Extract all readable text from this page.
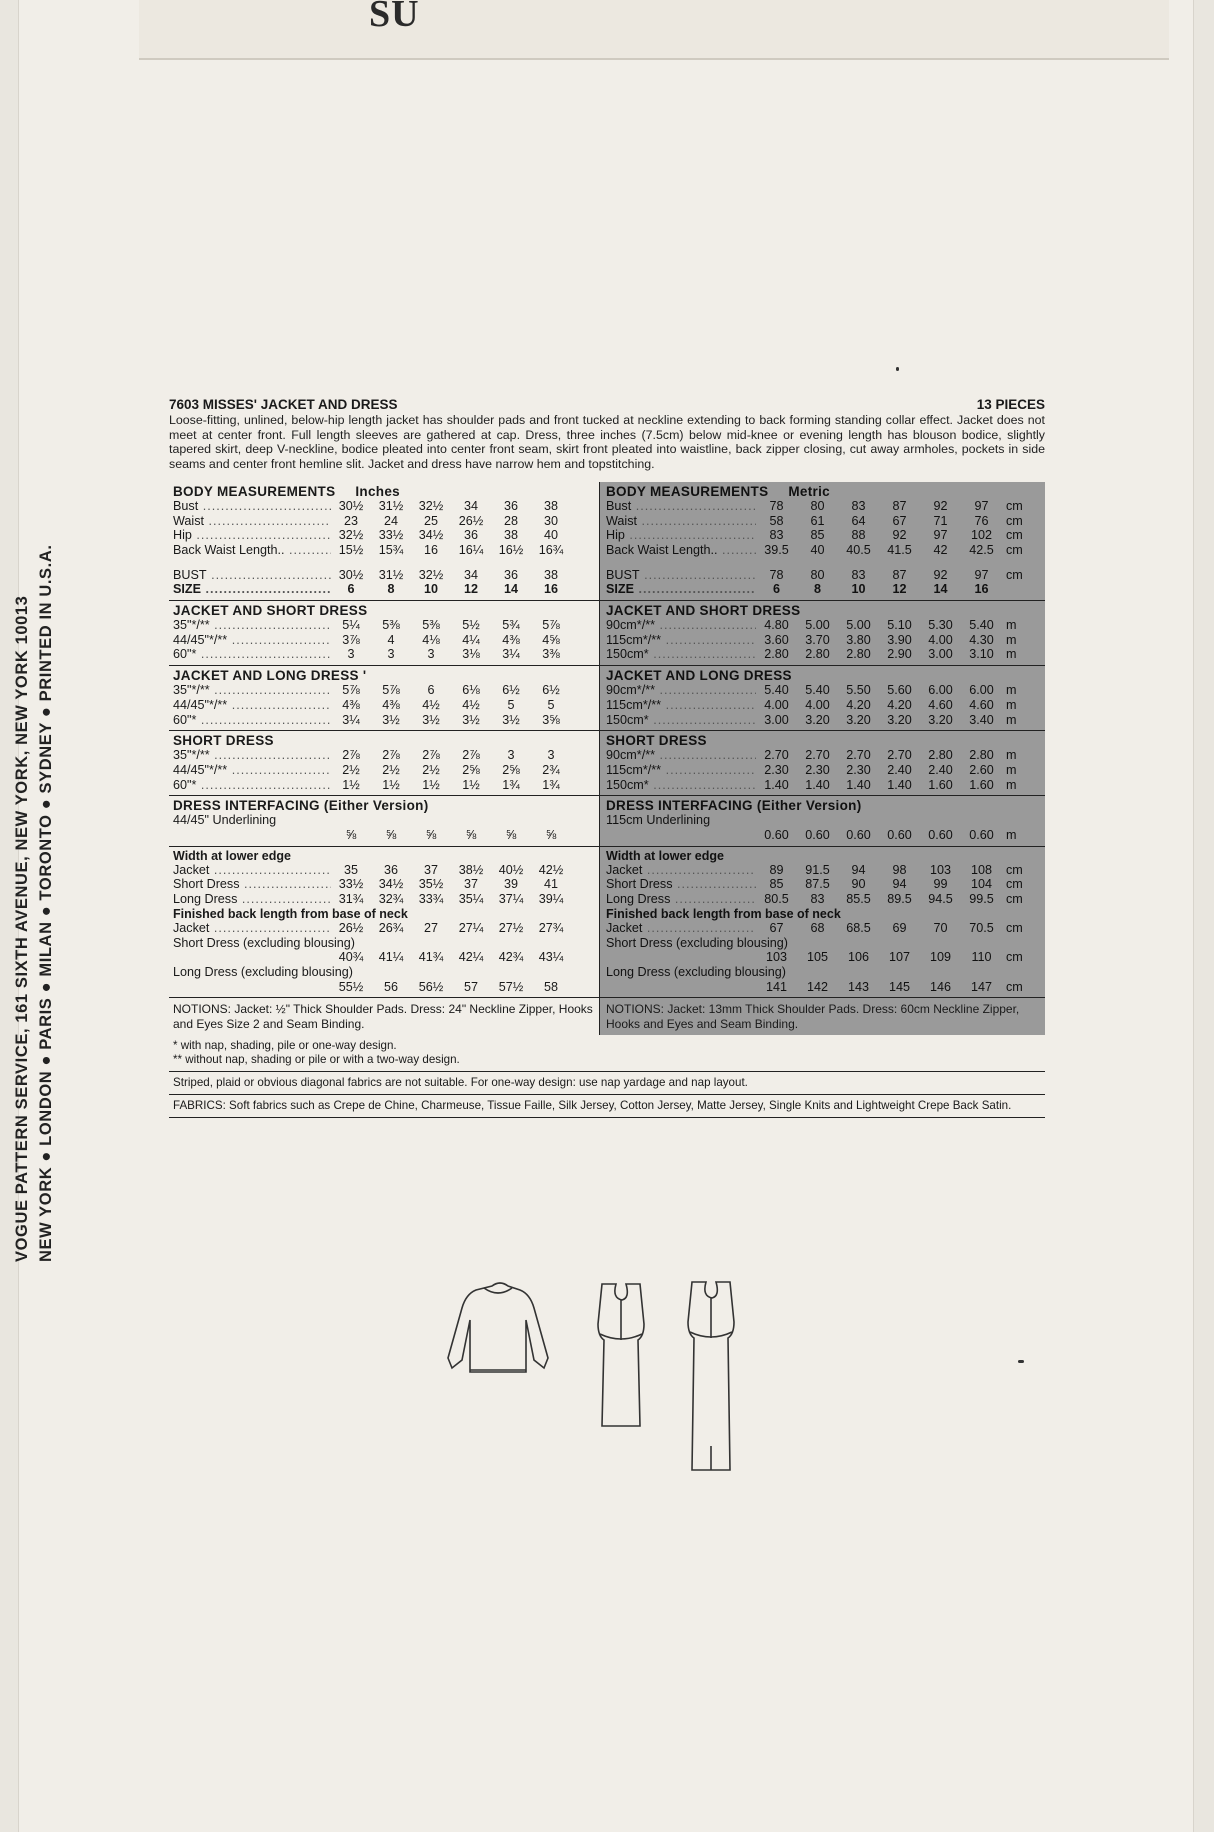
SU
VOGUE PATTERN SERVICE, 161 SIXTH AVENUE, NEW YORK, NEW YORK 10013 NEW YORK ● LONDON ● PARIS ● MILAN ● TORONTO ● SYDNEY ● PRINTED IN U.S.A.
7603 MISSES' JACKET AND DRESS	13 PIECES

Loose-fitting, unlined, below-hip length jacket has shoulder pads and front tucked at neckline extending to back forming standing collar effect. Jacket does not meet at center front. Full length sleeves are gathered at cap. Dress, three inches (7.5cm) below mid-knee or evening length has blouson bodice, slightly tapered skirt, deep V-neckline, bodice pleated into center front seam, skirt front pleated into waistline, back zipper closing, cut away armholes, pockets in side seams and center front hemline slit. Jacket and dress have narrow hem and topstitching.

BODY MEASUREMENTS Inches
Bust .....	30½	31½	32½	34	36	38
Waist .....	23	24	25	26½	28	30
Hip .....	32½	33½	34½	36	38	40
Back Waist Length.. .....	15½	15¾	16	16¼	16½	16¾
BUST .....	30½	31½	32½	34	36	38
SIZE .....	6	8	10	12	14	16
JACKET AND SHORT DRESS
35"*/** .....	5¼	5⅜	5⅜	5½	5¾	5⅞
44/45"*/** .....	3⅞	4	4⅛	4¼	4⅜	4⅝
60"* .....	3	3	3	3⅛	3¼	3⅜
JACKET AND LONG DRESS '
35"*/** .....	5⅞	5⅞	6	6⅛	6½	6½
44/45"*/** .....	4⅜	4⅜	4½	4½	5	5
60"* .....	3¼	3½	3½	3½	3½	3⅝
SHORT DRESS
35"*/** .....	2⅞	2⅞	2⅞	2⅞	3	3
44/45"*/** .....	2½	2½	2½	2⅝	2⅝	2¾
60"* .....	1½	1½	1½	1½	1¾	1¾
DRESS INTERFACING (Either Version)
44/45" Underlining
⅝	⅝	⅝	⅝	⅝	⅝
Width at lower edge
Jacket .....	35	36	37	38½	40½	42½
Short Dress .....	33½	34½	35½	37	39	41
Long Dress .....	31¾	32¾	33¾	35¼	37¼	39¼
Finished back length from base of neck
Jacket .....	26½	26¾	27	27¼	27½	27¾
Short Dress (excluding blousing)
40¾	41¼	41¾	42¼	42¾	43¼
Long Dress (excluding blousing)
55½	56	56½	57	57½	58
BODY MEASUREMENTS Metric
Bust .....	78	80	83	87	92	97	cm
Waist .....	58	61	64	67	71	76	cm
Hip .....	83	85	88	92	97	102	cm
Back Waist Length.. .....	39.5	40	40.5	41.5	42	42.5 cm
BUST .....	78	80	83	87	92	97	cm
SIZE .....	6	8	10	12	14	16
JACKET AND SHORT DRESS
90cm*/** .....	4.80	5.00	5.00	5.10	5.30	5.40 m
115cm*/** .....	3.60	3.70	3.80	3.90	4.00	4.30 m
150cm* .....	2.80	2.80	2.80	2.90	3.00	3.10 m
JACKET AND LONG DRESS
90cm*/** .....	5.40	5.40	5.50	5.60	6.00	6.00 m
115cm*/** .....	4.00	4.00	4.20	4.20	4.60	4.60 m
150cm* .....	3.00	3.20	3.20	3.20	3.20	3.40 m
SHORT DRESS
90cm*/** .....	2.70	2.70	2.70	2.70	2.80	2.80 m
115cm*/** .....	2.30	2.30	2.30	2.40	2.40	2.60 m
150cm* .....	1.40	1.40	1.40	1.40	1.60	1.60 m
DRESS INTERFACING (Either Version)
115cm Underlining
0.60	0.60	0.60	0.60	0.60	0.60 m
Width at lower edge
Jacket .....	89	91.5	94	98	103	108	cm
Short Dress .....	85	87.5	90	94	99	104	cm
Long Dress .....	80.5	83	85.5	89.5	94.5	99.5 cm
Finished back length from base of neck
Jacket .....	67	68	68.5	69	70	70.5 cm
Short Dress (excluding blousing)
103	105	106	107	109	110	cm
Long Dress (excluding blousing)
141	142	143	145	146	147	cm
NOTIONS: Jacket: ½" Thick Shoulder Pads. Dress: 24" Neckline Zipper, Hooks and Eyes Size 2 and Seam Binding.
NOTIONS: Jacket: 13mm Thick Shoulder Pads. Dress: 60cm Neckline Zipper, Hooks and Eyes and Seam Binding.
* with nap, shading, pile or one-way design.
** without nap, shading or pile or with a two-way design.
Striped, plaid or obvious diagonal fabrics are not suitable. For one-way design: use nap yardage and nap layout.
FABRICS: Soft fabrics such as Crepe de Chine, Charmeuse, Tissue Faille, Silk Jersey, Cotton Jersey, Matte Jersey, Single Knits and Lightweight Crepe Back Satin.
